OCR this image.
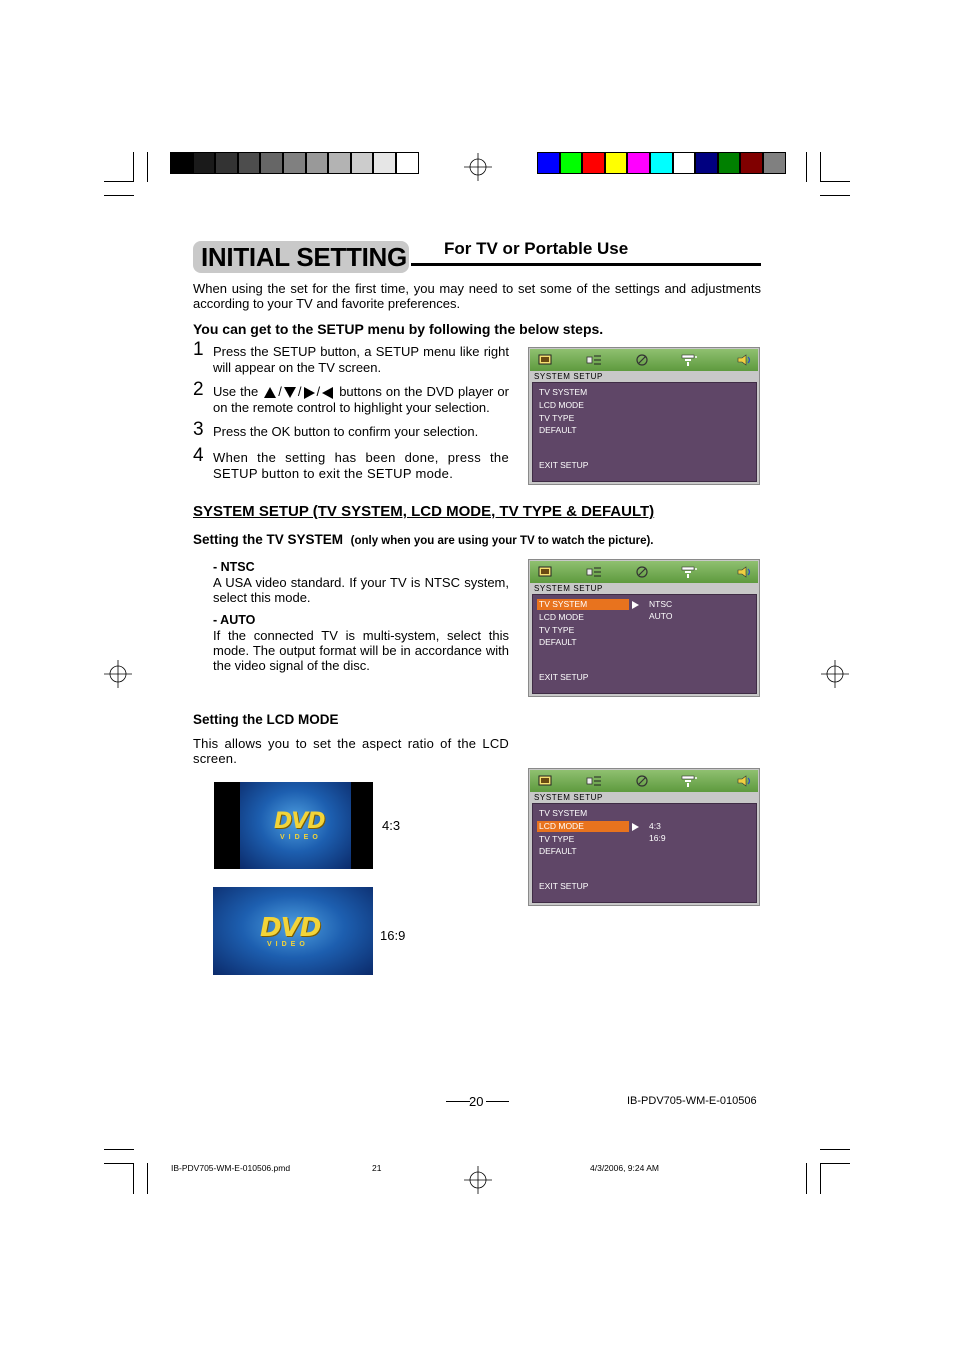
INITIAL SETTING For TV or Portable Use
When using the set for the first time, you may need to set some of the settings and adjustments according to your TV and favorite preferences.
You can get to the SETUP menu by following the below steps.
1 Press the SETUP button, a SETUP menu like right will appear on the TV screen.
2 Use the / / / buttons on the DVD player or on the remote control to highlight your selection.
3 Press the OK button to confirm your selection.
4 When the setting has been done, press the SETUP button to exit the SETUP mode.
SYSTEM SETUP
TV SYSTEM
LCD MODE
TV TYPE
DEFAULT
EXIT SETUP
SYSTEM SETUP (TV SYSTEM, LCD MODE, TV TYPE & DEFAULT)
Setting the TV SYSTEM (only when you are using your TV to watch the picture).
- NTSC
A USA video standard. If your TV is NTSC system, select this mode.
- AUTO
If the connected TV is multi-system, select this mode. The output format will be in accordance with the video signal of the disc.
SYSTEM SETUP
NTSC
AUTO
TV SYSTEM
LCD MODE
TV TYPE
DEFAULT
EXIT SETUP
Setting the LCD MODE
This allows you to set the aspect ratio of the LCD screen.
DVD
VIDEO
4:3
DVD
VIDEO
16:9
SYSTEM SETUP
4:3
16:9
TV SYSTEM
LCD MODE
TV TYPE
DEFAULT
EXIT SETUP
20	IB-PDV705-WM-E-010506
IB-PDV705-WM-E-010506.pmd	21	4/3/2006, 9:24 AM
